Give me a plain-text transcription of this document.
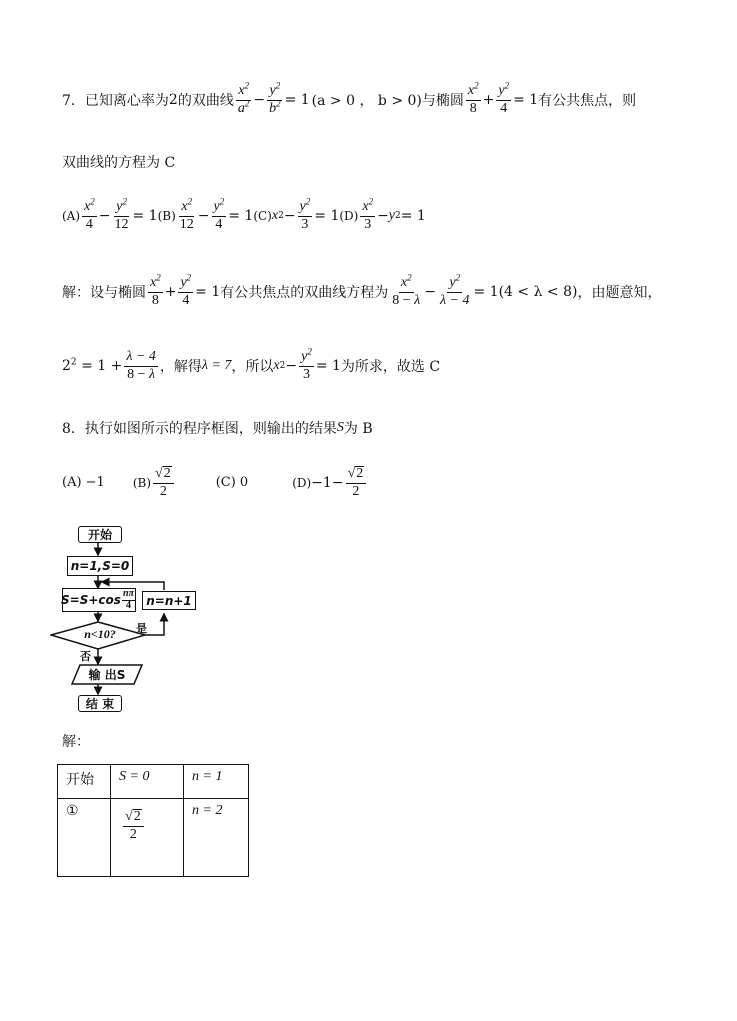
7．已知离心率为 2 的双曲线 $\frac{x^2}{a^2} - \frac{y^2}{b^2} = 1$ (a > 0 ， b > 0) 与椭圆 $\frac{x^2}{8} + \frac{y^2}{4} = 1$ 有公共焦点，则
双曲线的方程为 C
$(A) \frac{x^2}{4} - \frac{y^2}{12} = 1$ $(B) \frac{x^2}{12} - \frac{y^2}{4} = 1$ (C) x $2 - \frac{y^2}{3} = 1$ $(D) \frac{x^2}{3} - y$ 2 = 1
解：设与椭圆 $\frac{x^2}{8} + \frac{y^2}{4} = 1$ 有公共焦点的双曲线方程为 $\frac{x^2}{8 - \lambda} - \frac{y^2}{\lambda - 4} = 1$ (4 < λ < 8) ，由题意知，
$2^2 = 1 + \frac{\lambda - 4}{8 - \lambda}$ ，解得 λ = 7 ，所以 x $2 - \frac{y^2}{3} = 1$ 为所求，故选 C
8．执行如图所示的程序框图，则输出的结果 S 为 B
(A) −1 $(B) \frac{√ 2}{2}$	(C) 0	$(D) -1- \frac{√ 2}{2}$
开始
n=1,S=0
$S=S+\cos \frac{n\pi}{4} n=n+1$
n<10?	是
否
输 出S
结 束
解：
开始	S = 0	n = 1
①	$\frac{√ 2}{2}$	n = 2
